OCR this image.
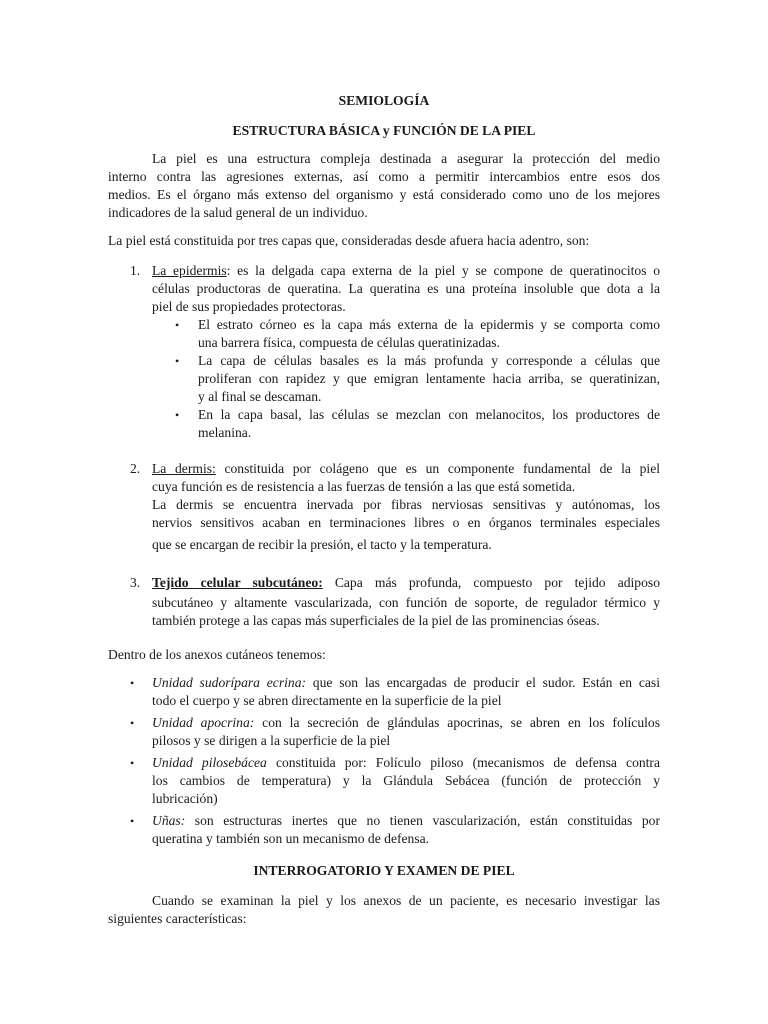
SEMIOLOGÍA
ESTRUCTURA BÁSICA y FUNCIÓN DE LA PIEL
La piel es una estructura compleja destinada a asegurar la protección del medio
interno contra las agresiones externas, así como a permitir intercambios entre esos dos
medios. Es el órgano más extenso del organismo y está considerado como uno de los mejores
indicadores de la salud general de un individuo.
La piel está constituida por tres capas que, consideradas desde afuera hacia adentro, son:
1. La epidermis: es la delgada capa externa de la piel y se compone de queratinocitos o
células productoras de queratina. La queratina es una proteína insoluble que dota a la
piel de sus propiedades protectoras.
• El estrato córneo es la capa más externa de la epidermis y se comporta como
una barrera física, compuesta de células queratinizadas.
• La capa de células basales es la más profunda y corresponde a células que
proliferan con rapidez y que emigran lentamente hacia arriba, se queratinizan,
y al final se descaman.
• En la capa basal, las células se mezclan con melanocitos, los productores de
melanina.
2. La dermis: constituida por colágeno que es un componente fundamental de la piel
cuya función es de resistencia a las fuerzas de tensión a las que está sometida.
La dermis se encuentra inervada por fibras nerviosas sensitivas y autónomas, los
nervios sensitivos acaban en terminaciones libres o en órganos terminales especiales
que se encargan de recibir la presión, el tacto y la temperatura.
3. Tejido celular subcutáneo: Capa más profunda, compuesto por tejido adiposo
subcutáneo y altamente vascularizada, con función de soporte, de regulador térmico y
también protege a las capas más superficiales de la piel de las prominencias óseas.
Dentro de los anexos cutáneos tenemos:
• Unidad sudorípara ecrina: que son las encargadas de producir el sudor. Están en casi
todo el cuerpo y se abren directamente en la superficie de la piel
• Unidad apocrina: con la secreción de glándulas apocrinas, se abren en los folículos
pilosos y se dirigen a la superficie de la piel
• Unidad pilosebácea constituida por: Folículo piloso (mecanismos de defensa contra
los cambios de temperatura) y la Glándula Sebácea (función de protección y
lubricación)
• Uñas: son estructuras inertes que no tienen vascularización, están constituidas por
queratina y también son un mecanismo de defensa.
INTERROGATORIO Y EXAMEN DE PIEL
Cuando se examinan la piel y los anexos de un paciente, es necesario investigar las
siguientes características:
